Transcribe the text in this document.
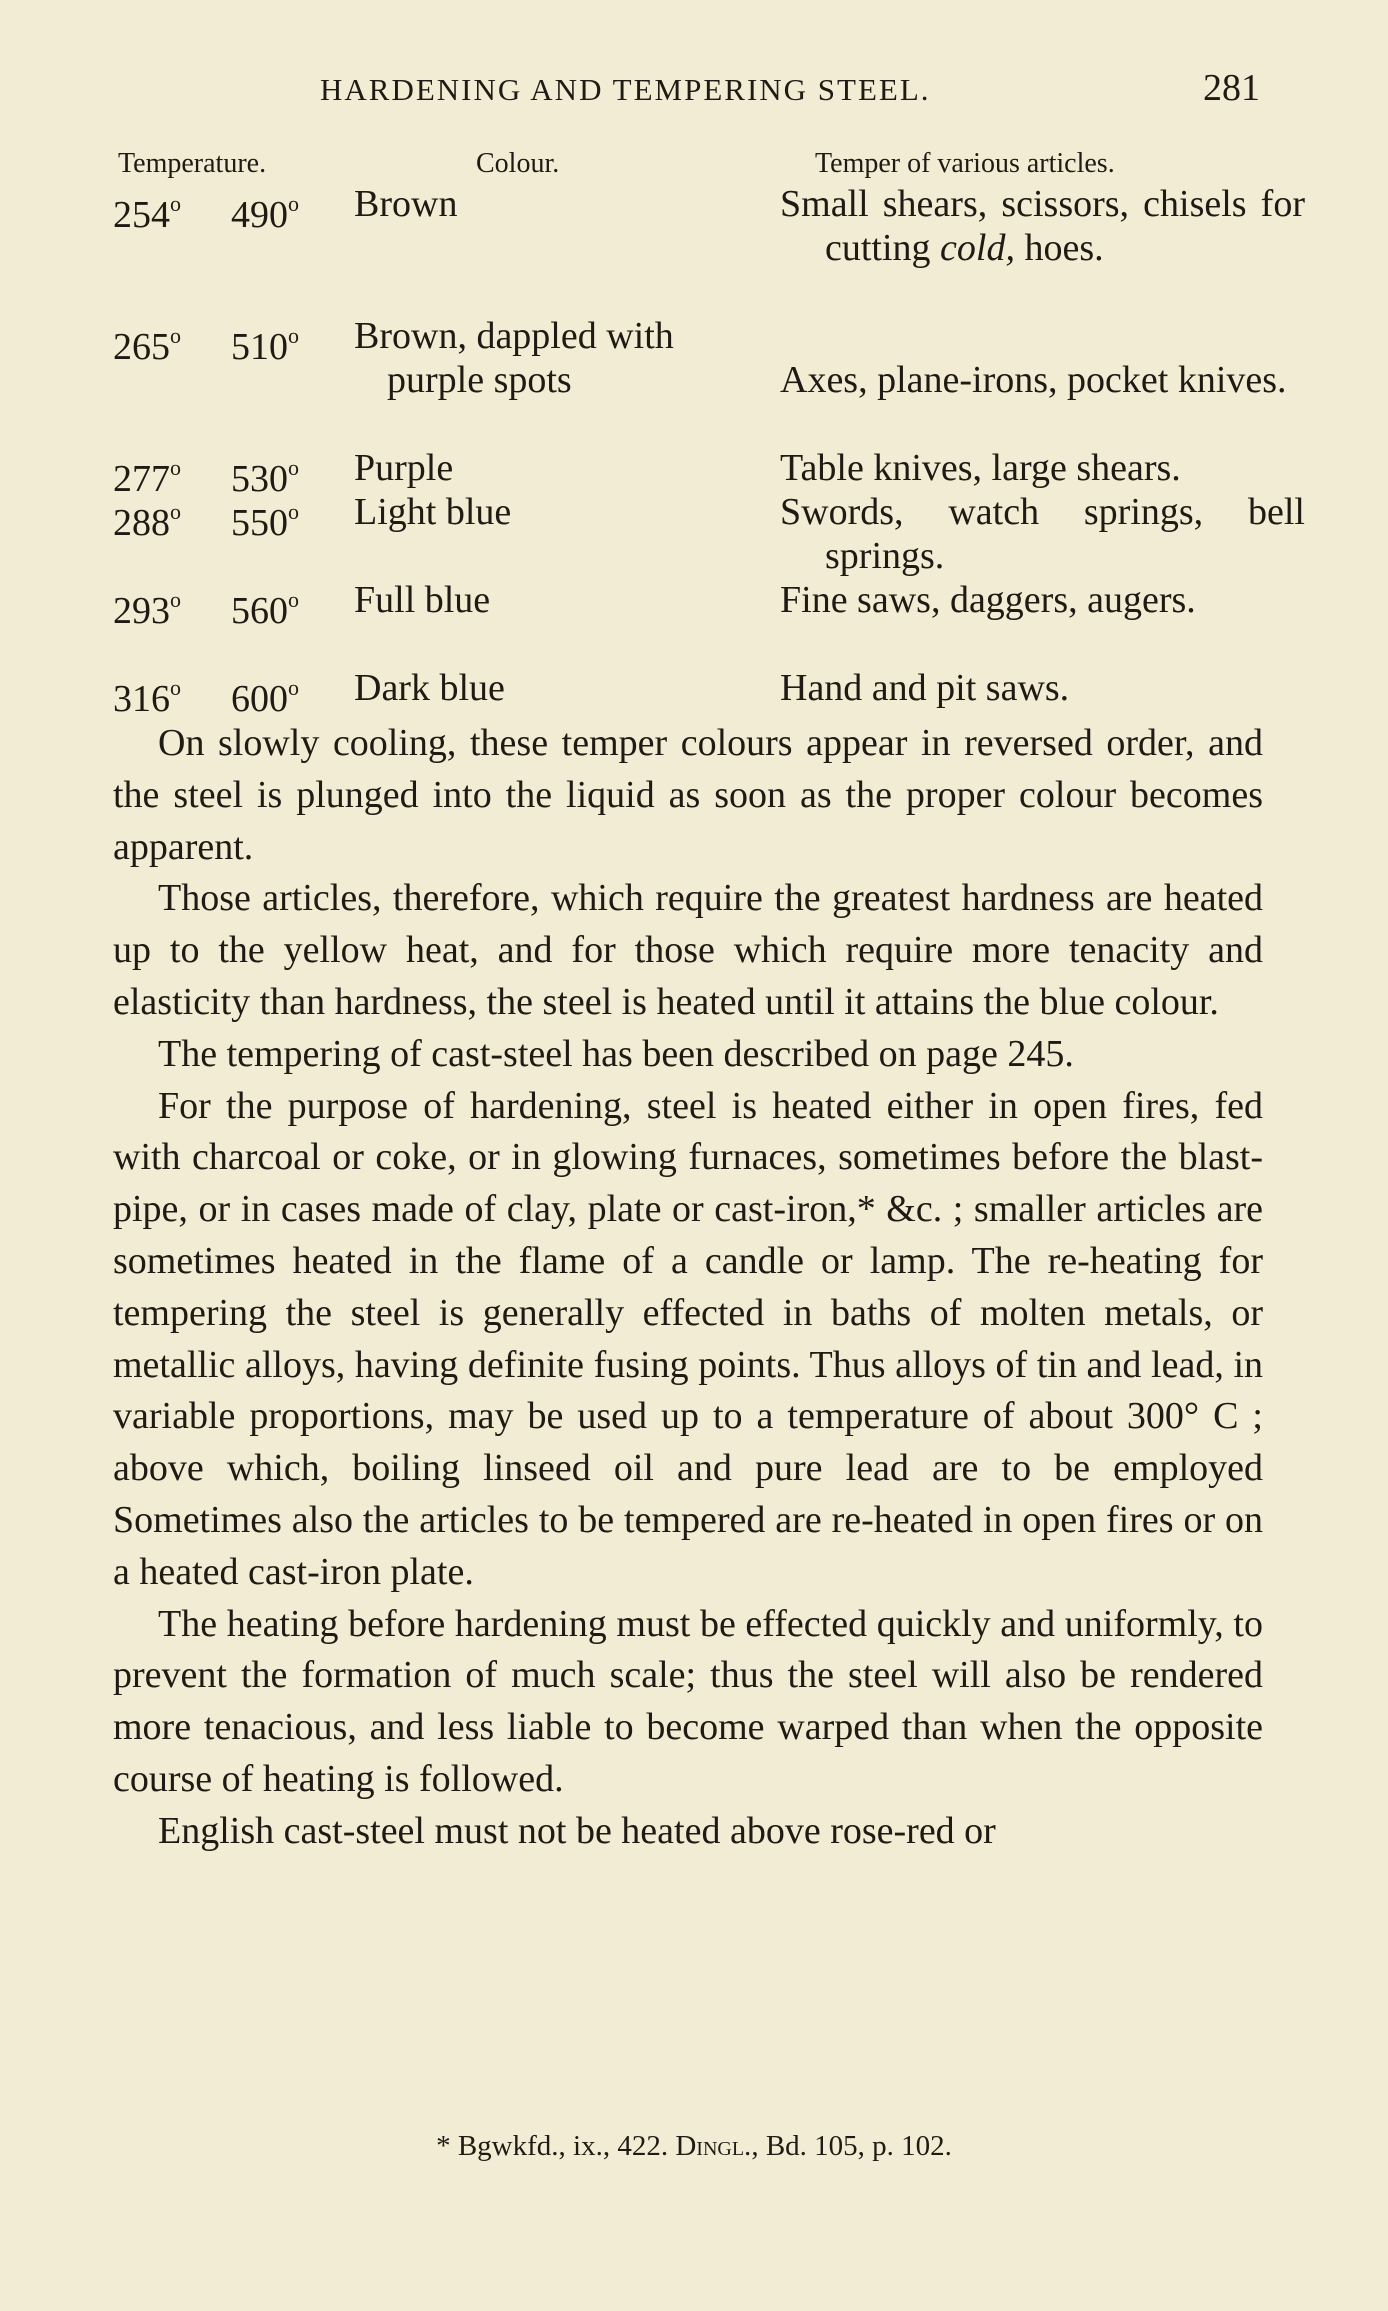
HARDENING AND TEMPERING STEEL.	281
Temperature.	Colour.	Temper of various articles.
254$^o$ 490$^o$ Brown	Small shears, scissors, chisels for cutting cold, hoes.
265$^o$ 510$^o$ Brown, dappled with
purple spots	Axes, plane-irons, pocket knives.
277$^o$ 530$^o$ Purple	Table knives, large shears.
288$^o$ 550$^o$ Light blue	Swords, watch springs, bell springs.
293$^o$ 560$^o$ Full blue	Fine saws, daggers, augers.
316$^o$ 600$^o$ Dark blue	Hand and pit saws.

On slowly cooling, these temper colours appear in reversed order, and the steel is plunged into the liquid as soon as the proper colour becomes apparent.

Those articles, therefore, which require the greatest hardness are heated up to the yellow heat, and for those which require more tenacity and elasticity than hardness, the steel is heated until it attains the blue colour.

The tempering of cast-steel has been described on page 245.

For the purpose of hardening, steel is heated either in open fires, fed with charcoal or coke, or in glowing furnaces, sometimes before the blast-pipe, or in cases made of clay, plate or cast-iron,* &c. ; smaller articles are sometimes heated in the flame of a candle or lamp. The re-heating for tempering the steel is generally effected in baths of molten metals, or metallic alloys, having definite fusing points. Thus alloys of tin and lead, in variable proportions, may be used up to a temperature of about 300° C ; above which, boiling linseed oil and pure lead are to be employed Sometimes also the articles to be tempered are re-heated in open fires or on a heated cast-iron plate.

The heating before hardening must be effected quickly and uniformly, to prevent the formation of much scale; thus the steel will also be rendered more tenacious, and less liable to become warped than when the opposite course of heating is followed.

English cast-steel must not be heated above rose-red or

* Bgwkfd., ix., 422. Dingl., Bd. 105, p. 102.
